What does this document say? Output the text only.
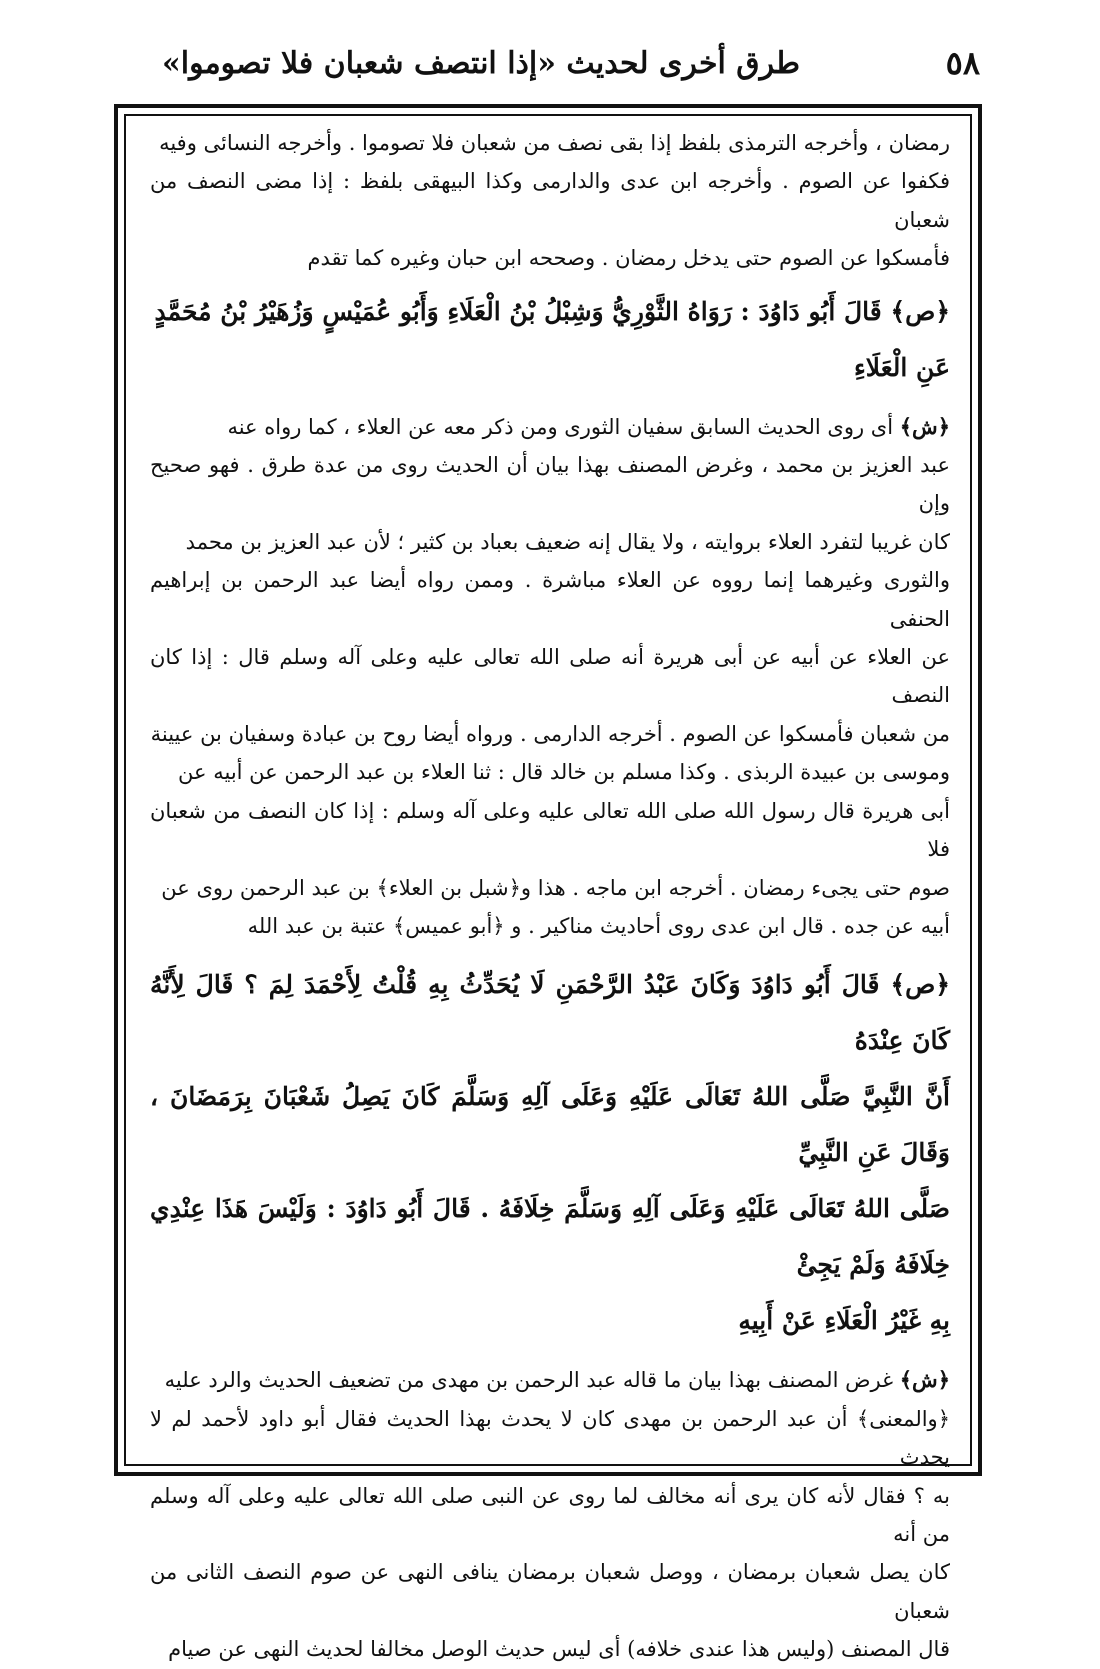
٥٨
طرق أخرى لحديث «إذا انتصف شعبان فلا تصوموا»

رمضان ، وأخرجه الترمذى بلفظ إذا بقى نصف من شعبان فلا تصوموا . وأخرجه النسائى وفيه

فكفوا عن الصوم . وأخرجه ابن عدى والدارمى وكذا البيهقى بلفظ : إذا مضى النصف من شعبان

فأمسكوا عن الصوم حتى يدخل رمضان . وصححه ابن حبان وغيره كما تقدم

﴿ص﴾ قَالَ أَبُو دَاوُدَ : رَوَاهُ الثَّوْرِيُّ وَشِبْلُ بْنُ الْعَلَاءِ وَأَبُو عُمَيْسٍ وَزُهَيْرُ بْنُ مُحَمَّدٍ

عَنِ الْعَلَاءِ

﴿ش﴾ أى روى الحديث السابق سفيان الثورى ومن ذكر معه عن العلاء ، كما رواه عنه

عبد العزيز بن محمد ، وغرض المصنف بهذا بيان أن الحديث روى من عدة طرق . فهو صحيح وإن

كان غريبا لتفرد العلاء بروايته ، ولا يقال إنه ضعيف بعباد بن كثير ؛ لأن عبد العزيز بن محمد

والثورى وغيرهما إنما رووه عن العلاء مباشرة . وممن رواه أيضا عبد الرحمن بن إبراهيم الحنفى

عن العلاء عن أبيه عن أبى هريرة أنه صلى الله تعالى عليه وعلى آله وسلم قال : إذا كان النصف

من شعبان فأمسكوا عن الصوم . أخرجه الدارمى . ورواه أيضا روح بن عبادة وسفيان بن عيينة

وموسى بن عبيدة الربذى . وكذا مسلم بن خالد قال : ثنا العلاء بن عبد الرحمن عن أبيه عن

أبى هريرة قال رسول الله صلى الله تعالى عليه وعلى آله وسلم : إذا كان النصف من شعبان فلا

صوم حتى يجىء رمضان . أخرجه ابن ماجه . هذا و﴿شبل بن العلاء﴾ بن عبد الرحمن روى عن

أبيه عن جده . قال ابن عدى روى أحاديث مناكير . و ﴿أبو عميس﴾ عتبة بن عبد الله

﴿ص﴾ قَالَ أَبُو دَاوُدَ وَكَانَ عَبْدُ الرَّحْمَنِ لَا يُحَدِّثُ بِهِ قُلْتُ لِأَحْمَدَ لِمَ ؟ قَالَ لِأَنَّهُ كَانَ عِنْدَهُ

أَنَّ النَّبِيَّ صَلَّى اللهُ تَعَالَى عَلَيْهِ وَعَلَى آلِهِ وَسَلَّمَ كَانَ يَصِلُ شَعْبَانَ بِرَمَضَانَ ، وَقَالَ عَنِ النَّبِيِّ

صَلَّى اللهُ تَعَالَى عَلَيْهِ وَعَلَى آلِهِ وَسَلَّمَ خِلَافَهُ . قَالَ أَبُو دَاوُدَ : وَلَيْسَ هَذَا عِنْدِي خِلَافَهُ وَلَمْ يَجِئْ

بِهِ غَيْرُ الْعَلَاءِ عَنْ أَبِيهِ

﴿ش﴾ غرض المصنف بهذا بيان ما قاله عبد الرحمن بن مهدى من تضعيف الحديث والرد عليه

﴿والمعنى﴾ أن عبد الرحمن بن مهدى كان لا يحدث بهذا الحديث فقال أبو داود لأحمد لم لا يحدث

به ؟ فقال لأنه كان يرى أنه مخالف لما روى عن النبى صلى الله تعالى عليه وعلى آله وسلم من أنه

كان يصل شعبان برمضان ، ووصل شعبان برمضان ينافى النهى عن صوم النصف الثانى من شعبان

قال المصنف (وليس هذا عندى خلافه) أى ليس حديث الوصل مخالفا لحديث النهى عن صيام
